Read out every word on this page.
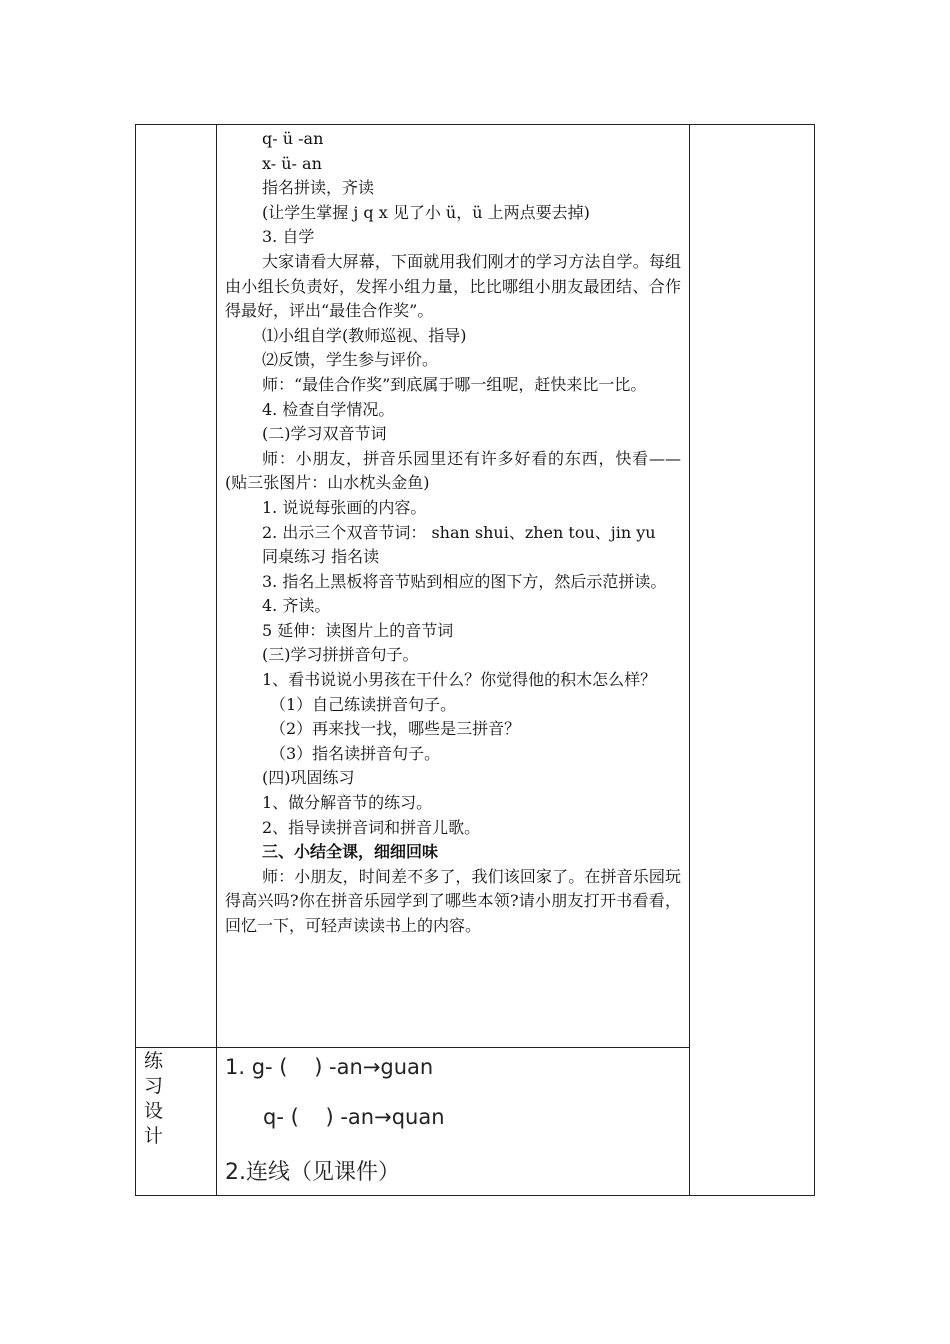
q- ü -an

x- ü- an

指名拼读，齐读

(让学生掌握 j q x 见了小 ü，ü 上两点要去掉)

3. 自学

大家请看大屏幕，下面就用我们刚才的学习方法自学。每组由小组长负责好，发挥小组力量，比比哪组小朋友最团结、合作得最好，评出“最佳合作奖”。

⑴小组自学(教师巡视、指导)

⑵反馈，学生参与评价。

师：“最佳合作奖”到底属于哪一组呢，赶快来比一比。

4. 检查自学情况。

(二)学习双音节词

师：小朋友，拼音乐园里还有许多好看的东西，快看——(贴三张图片：山水枕头金鱼)

1. 说说每张画的内容。

2. 出示三个双音节词： shan shui、zhen tou、jin yu

同桌练习 指名读

3. 指名上黑板将音节贴到相应的图下方，然后示范拼读。

4. 齐读。

5 延伸：读图片上的音节词

(三)学习拼拼音句子。

1、看书说说小男孩在干什么？你觉得他的积木怎么样？

（1）自己练读拼音句子。

（2）再来找一找，哪些是三拼音？

（3）指名读拼音句子。

(四)巩固练习

1、做分解音节的练习。

2、指导读拼音词和拼音儿歌。

三、小结全课，细细回味

师：小朋友，时间差不多了，我们该回家了。在拼音乐园玩得高兴吗?你在拼音乐园学到了哪些本领?请小朋友打开书看看，回忆一下，可轻声读读书上的内容。

练 习
设 计

1. g- (    ) -an→guan

q- (    ) -an→quan

2.连线（见课件）
